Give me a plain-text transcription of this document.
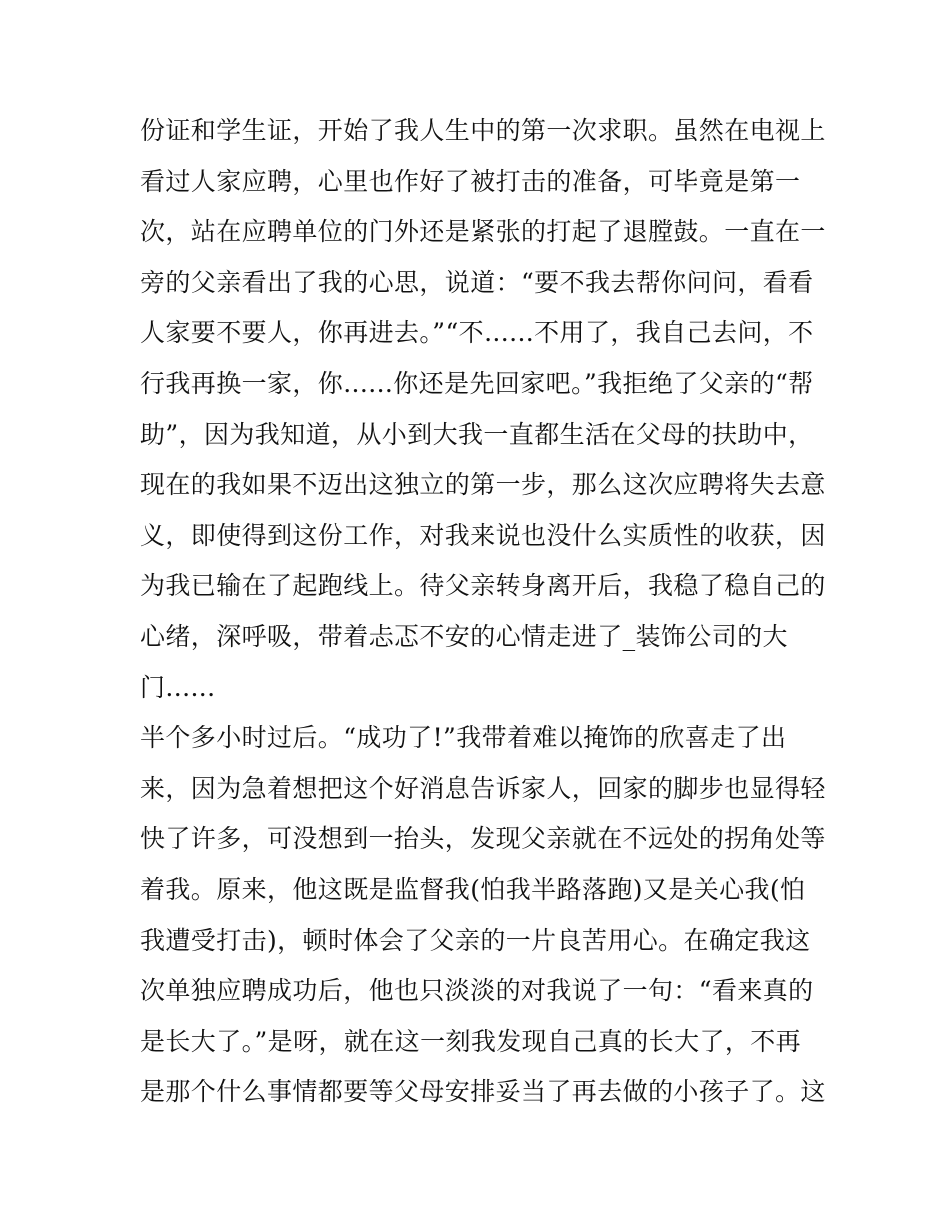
份证和学生证，开始了我人生中的第一次求职。虽然在电视上
看过人家应聘，心里也作好了被打击的准备，可毕竟是第一
次，站在应聘单位的门外还是紧张的打起了退膛鼓。一直在一
旁的父亲看出了我的心思，说道：“要不我去帮你问问，看看
人家要不要人，你再进去。”“不......不用了，我自己去问，不
行我再换一家，你......你还是先回家吧。”我拒绝了父亲的“帮
助”，因为我知道，从小到大我一直都生活在父母的扶助中，
现在的我如果不迈出这独立的第一步，那么这次应聘将失去意
义，即使得到这份工作，对我来说也没什么实质性的收获，因
为我已输在了起跑线上。待父亲转身离开后，我稳了稳自己的
心绪，深呼吸，带着忐忑不安的心情走进了_装饰公司的大
门......
半个多小时过后。“成功了!”我带着难以掩饰的欣喜走了出
来，因为急着想把这个好消息告诉家人，回家的脚步也显得轻
快了许多，可没想到一抬头，发现父亲就在不远处的拐角处等
着我。原来，他这既是监督我(怕我半路落跑)又是关心我(怕
我遭受打击)，顿时体会了父亲的一片良苦用心。在确定我这
次单独应聘成功后，他也只淡淡的对我说了一句：“看来真的
是长大了。”是呀，就在这一刻我发现自己真的长大了，不再
是那个什么事情都要等父母安排妥当了再去做的小孩子了。这
